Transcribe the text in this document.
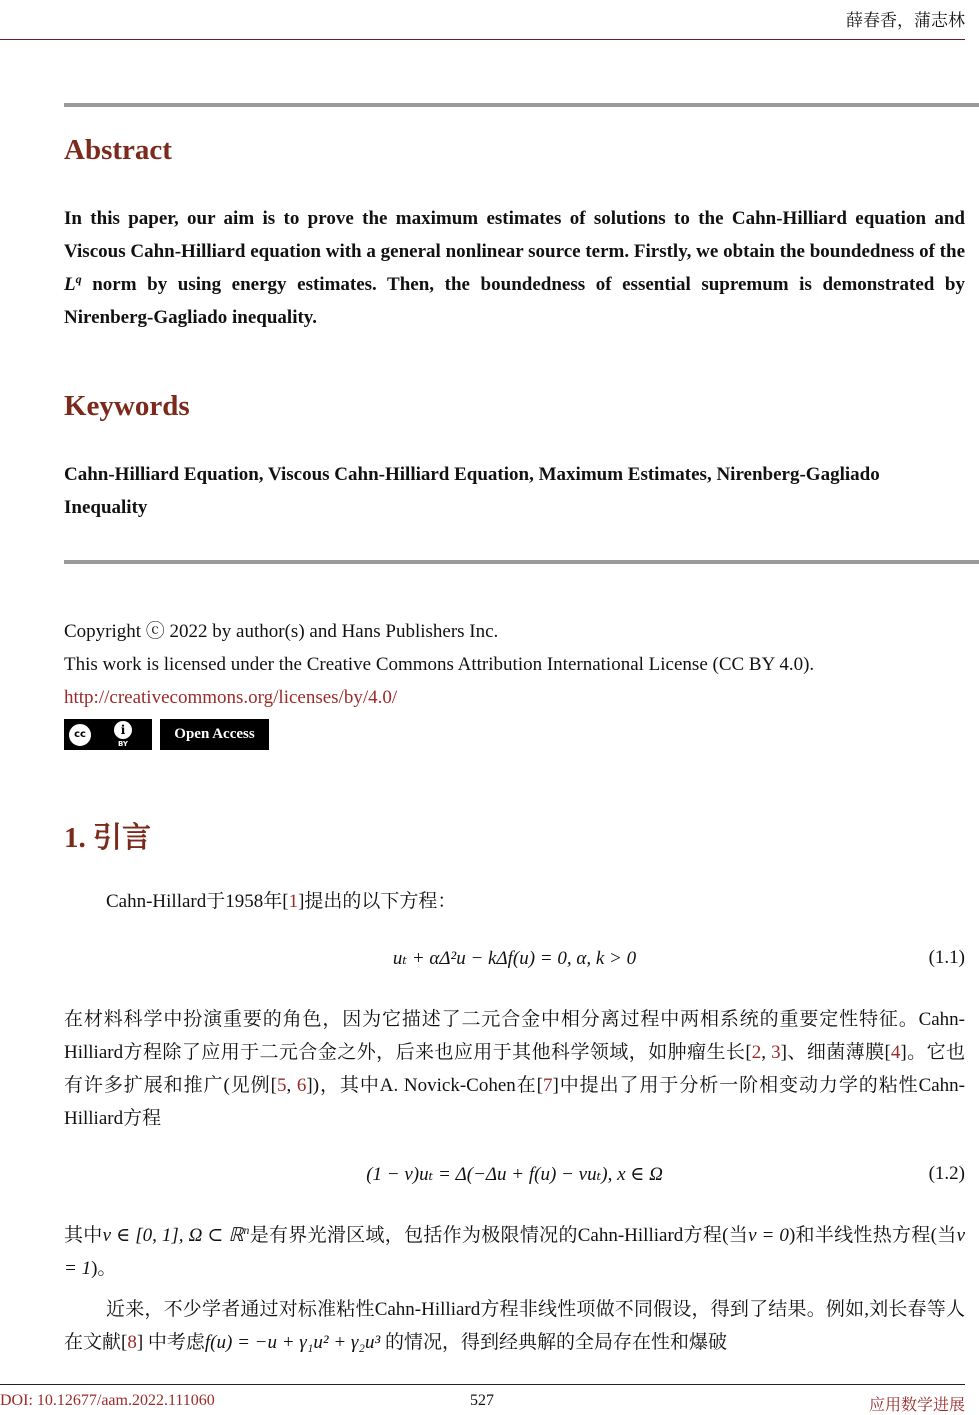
薛春香，蒲志林
Abstract
In this paper, our aim is to prove the maximum estimates of solutions to the Cahn-Hilliard equation and Viscous Cahn-Hilliard equation with a general nonlinear source term. Firstly, we obtain the boundedness of the $L^q$ norm by using energy estimates. Then, the boundedness of essential supremum is demonstrated by Nirenberg-Gagliado inequality.
Keywords
Cahn-Hilliard Equation, Viscous Cahn-Hilliard Equation, Maximum Estimates, Nirenberg-Gagliado Inequality
Copyright ⓒ 2022 by author(s) and Hans Publishers Inc.
This work is licensed under the Creative Commons Attribution International License (CC BY 4.0).
http://creativecommons.org/licenses/by/4.0/
cc	i
BY
Open Access
1. 引言
Cahn-Hillard于1958年[1]提出的以下方程：
uₜ + αΔ²u − kΔf(u) = 0, α, k > 0	(1.1)
在材料科学中扮演重要的角色，因为它描述了二元合金中相分离过程中两相系统的重要定性特征。Cahn-Hilliard方程除了应用于二元合金之外，后来也应用于其他科学领域，如肿瘤生长[2, 3]、细菌薄膜[4]。它也有许多扩展和推广(见例[5, 6])，其中A. Novick-Cohen在[7]中提出了用于分析一阶相变动力学的粘性Cahn-Hilliard方程
(1 − ν)uₜ = Δ(−Δu + f(u) − νuₜ), x ∈ Ω	(1.2)
其中ν ∈ [0, 1], Ω ⊂ ℝ$^n$是有界光滑区域，包括作为极限情况的Cahn-Hilliard方程(当ν = 0)和半线性热方程(当ν = 1)。
近来，不少学者通过对标准粘性Cahn-Hilliard方程非线性项做不同假设，得到了结果。例如,刘长春等人在文献[8] 中考虑f(u) = −u + γ₁u² + γ₂u³ 的情况，得到经典解的全局存在性和爆破
DOI: 10.12677/aam.2022.111060	527	应用数学进展
